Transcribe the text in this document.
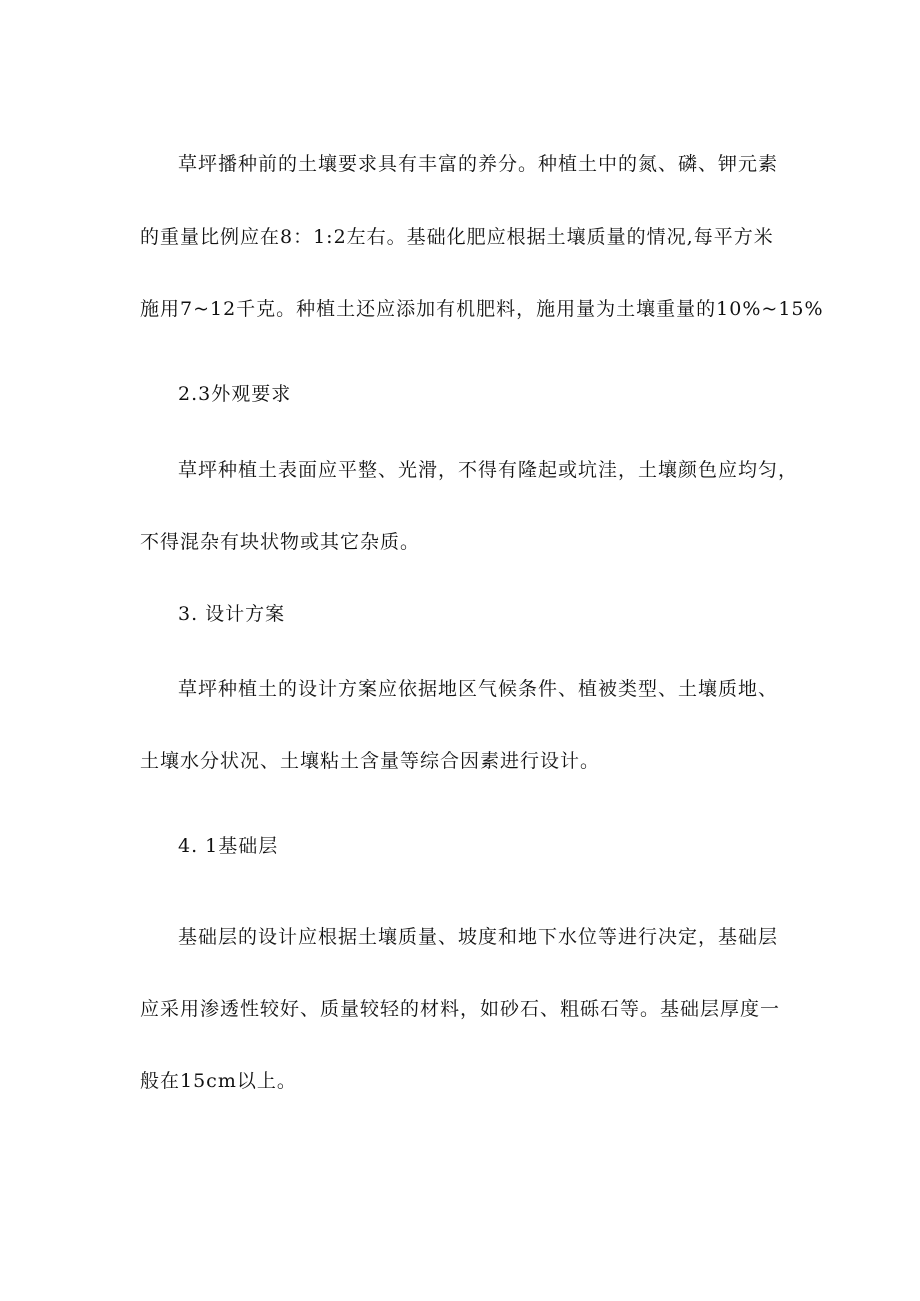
草坪播种前的土壤要求具有丰富的养分。种植土中的氮、磷、钾元素
的重量比例应在8：1:2左右。基础化肥应根据土壤质量的情况,每平方米
施用7~12千克。种植土还应添加有机肥料，施用量为土壤重量的10%~15%
2.3外观要求
草坪种植土表面应平整、光滑，不得有隆起或坑洼，土壤颜色应均匀，
不得混杂有块状物或其它杂质。
3. 设计方案
草坪种植土的设计方案应依据地区气候条件、植被类型、土壤质地、
土壤水分状况、土壤粘土含量等综合因素进行设计。
4. 1基础层
基础层的设计应根据土壤质量、坡度和地下水位等进行决定，基础层
应采用渗透性较好、质量较轻的材料，如砂石、粗砾石等。基础层厚度一
般在15cm以上。
